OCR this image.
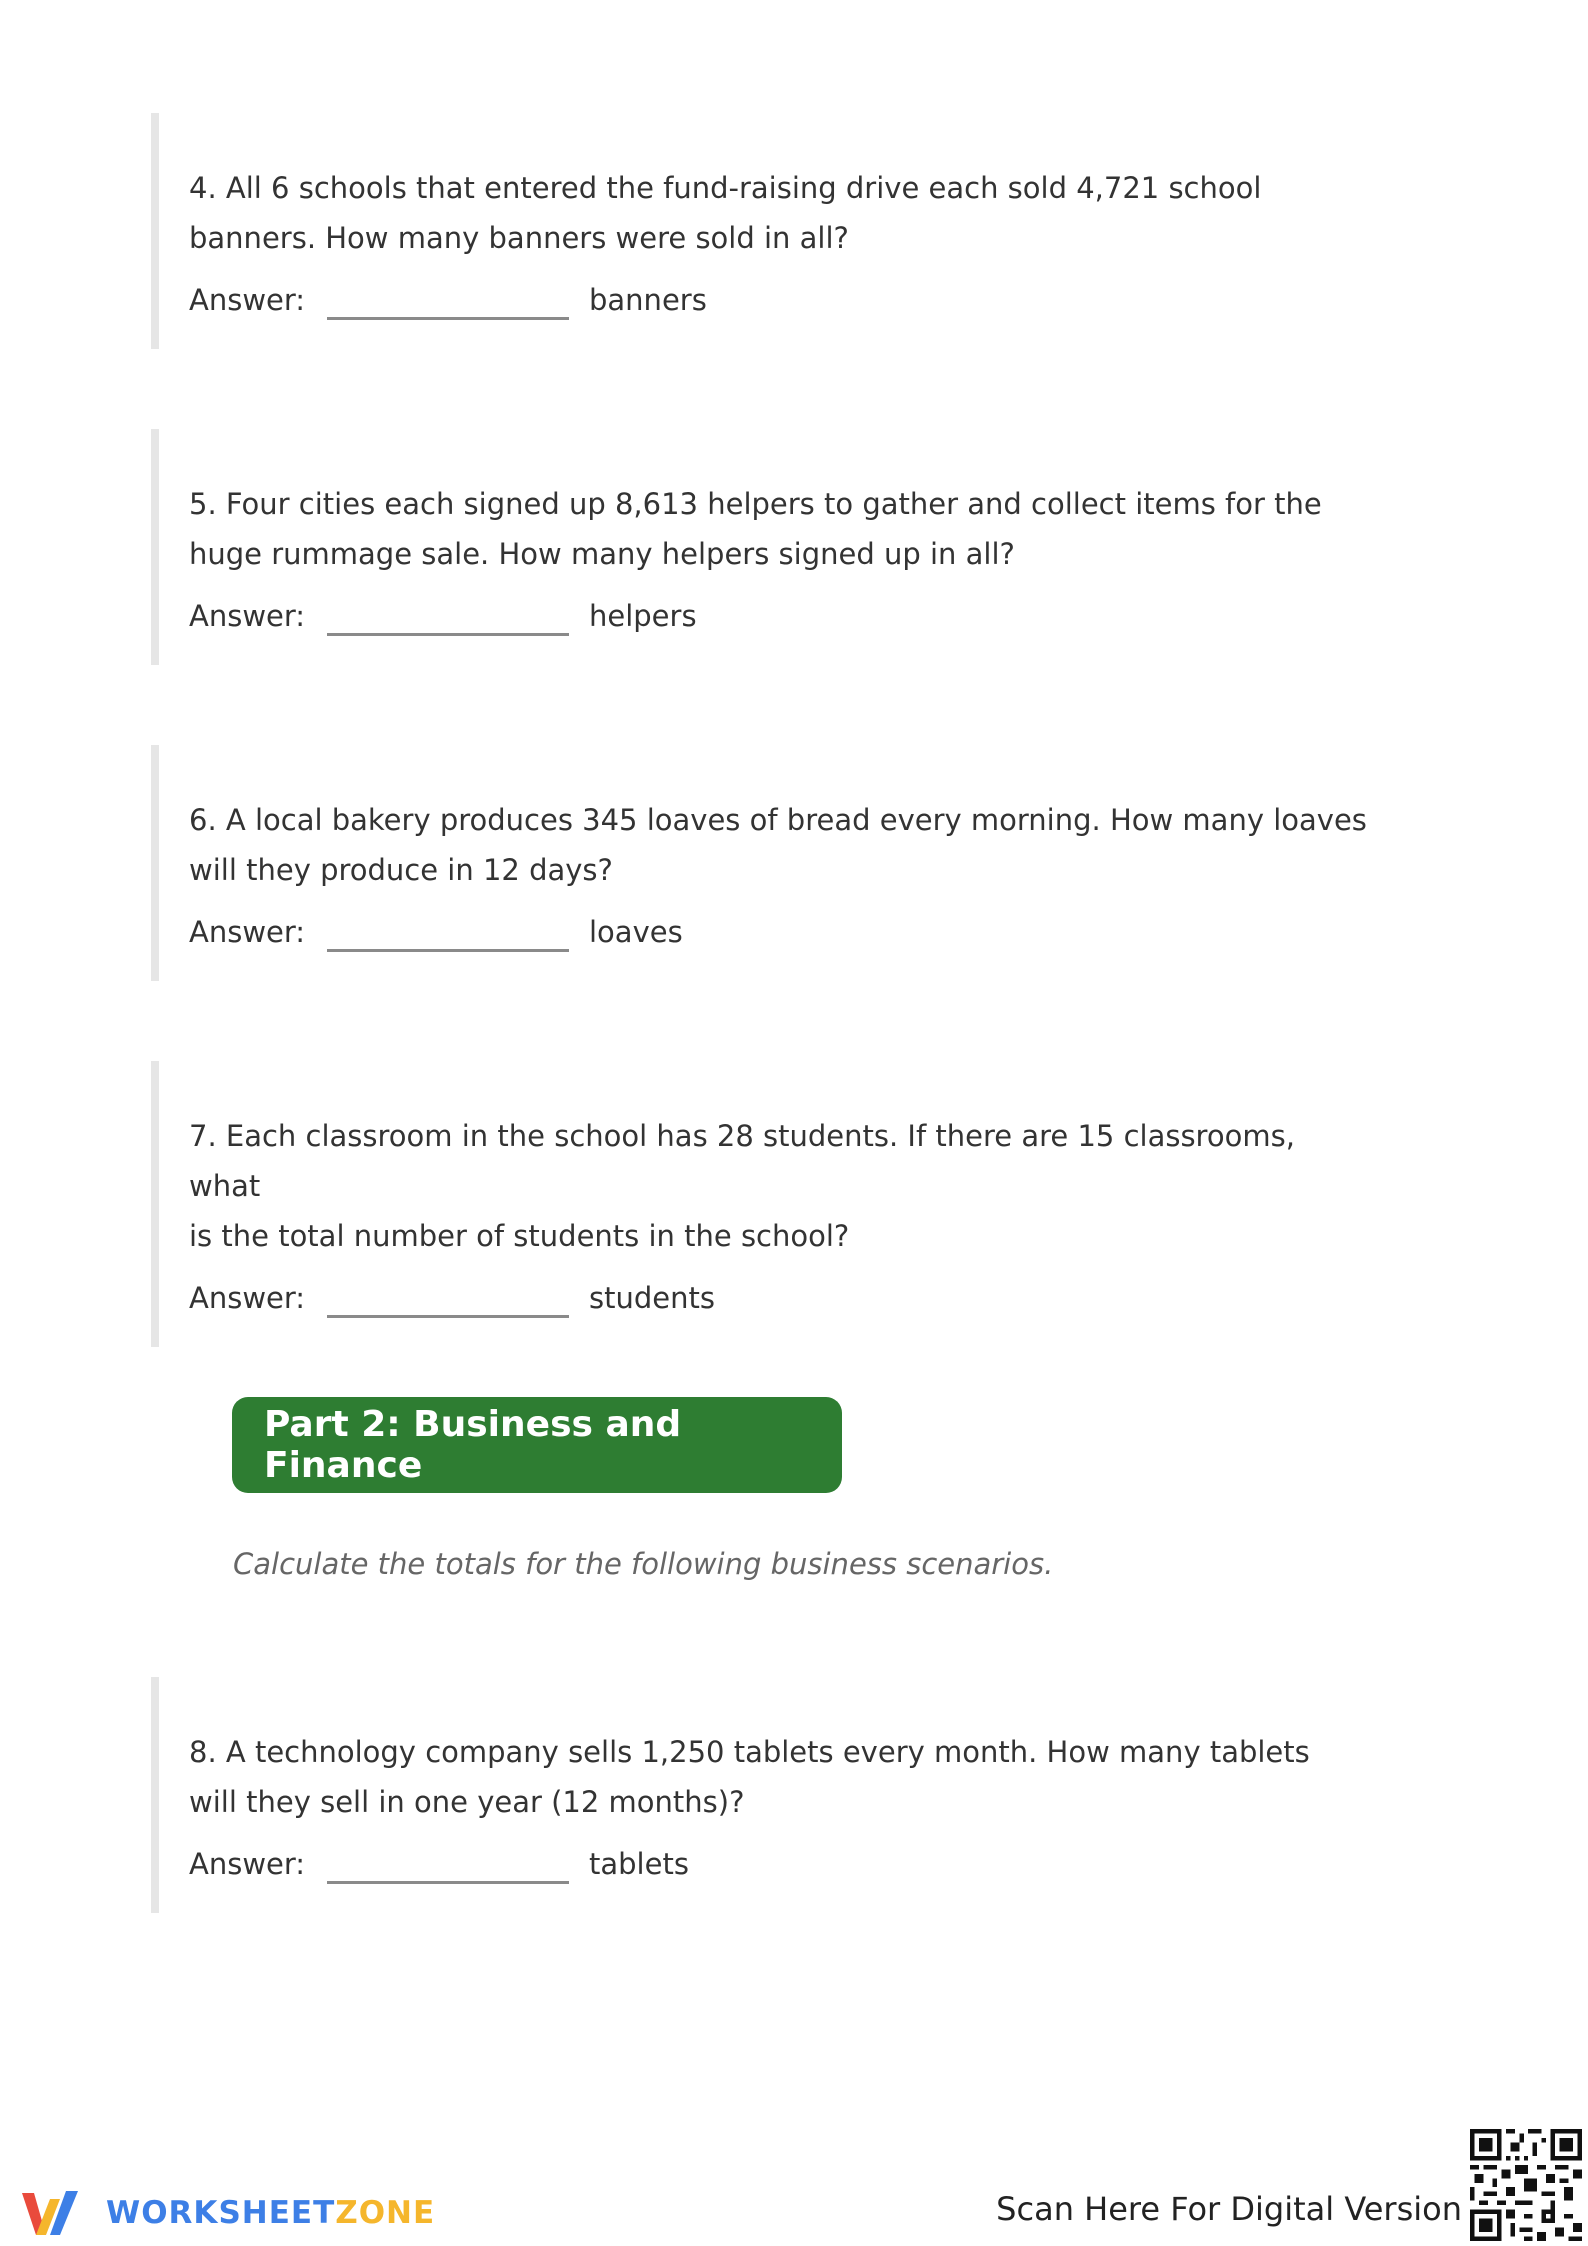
4. All 6 schools that entered the fund-raising drive each sold 4,721 school
banners. How many banners were sold in all?

Answer:	banners

5. Four cities each signed up 8,613 helpers to gather and collect items for the
huge rummage sale. How many helpers signed up in all?

Answer:	helpers

6. A local bakery produces 345 loaves of bread every morning. How many loaves
will they produce in 12 days?

Answer:	loaves

7. Each classroom in the school has 28 students. If there are 15 classrooms, what
is the total number of students in the school?

Answer:	students
Part 2: Business and Finance
Calculate the totals for the following business scenarios.

8. A technology company sells 1,250 tablets every month. How many tablets
will they sell in one year (12 months)?

Answer:	tablets
WORKSHEETZONE	Scan Here For Digital Version
